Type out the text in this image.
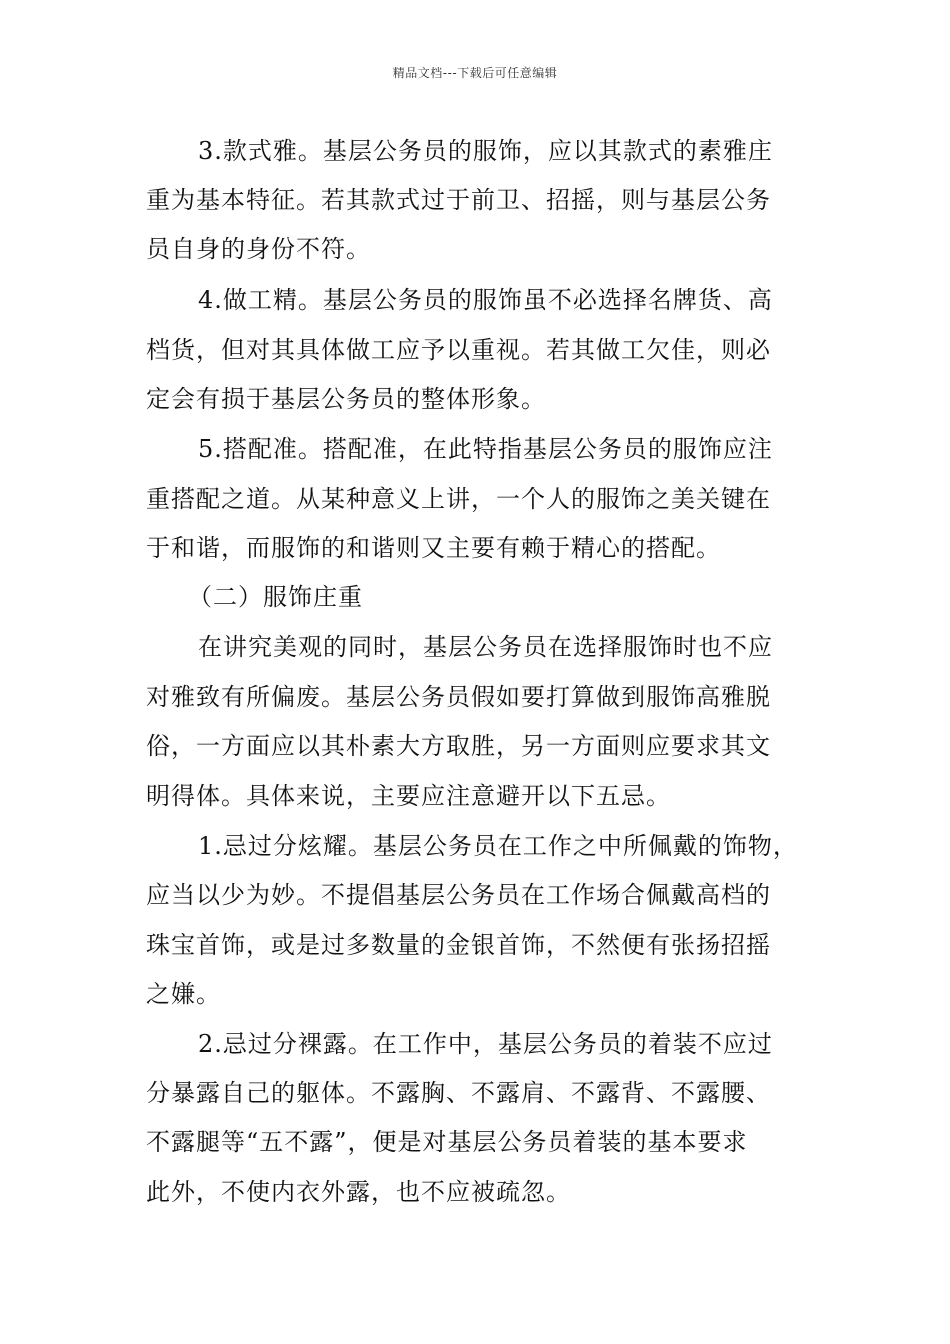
精品文档---下载后可任意编辑
3.款式雅。基层公务员的服饰，应以其款式的素雅庄
重为基本特征。若其款式过于前卫、招摇，则与基层公务
员自身的身份不符。
4.做工精。基层公务员的服饰虽不必选择名牌货、高
档货，但对其具体做工应予以重视。若其做工欠佳，则必
定会有损于基层公务员的整体形象。
5.搭配准。搭配准，在此特指基层公务员的服饰应注
重搭配之道。从某种意义上讲，一个人的服饰之美关键在
于和谐，而服饰的和谐则又主要有赖于精心的搭配。
（二）服饰庄重
在讲究美观的同时，基层公务员在选择服饰时也不应
对雅致有所偏废。基层公务员假如要打算做到服饰高雅脱
俗，一方面应以其朴素大方取胜，另一方面则应要求其文
明得体。具体来说，主要应注意避开以下五忌。
1.忌过分炫耀。基层公务员在工作之中所佩戴的饰物，
应当以少为妙。不提倡基层公务员在工作场合佩戴高档的
珠宝首饰，或是过多数量的金银首饰，不然便有张扬招摇
之嫌。
2.忌过分裸露。在工作中，基层公务员的着装不应过
分暴露自己的躯体。不露胸、不露肩、不露背、不露腰、
不露腿等“五不露”，便是对基层公务员着装的基本要求
此外，不使内衣外露，也不应被疏忽。
